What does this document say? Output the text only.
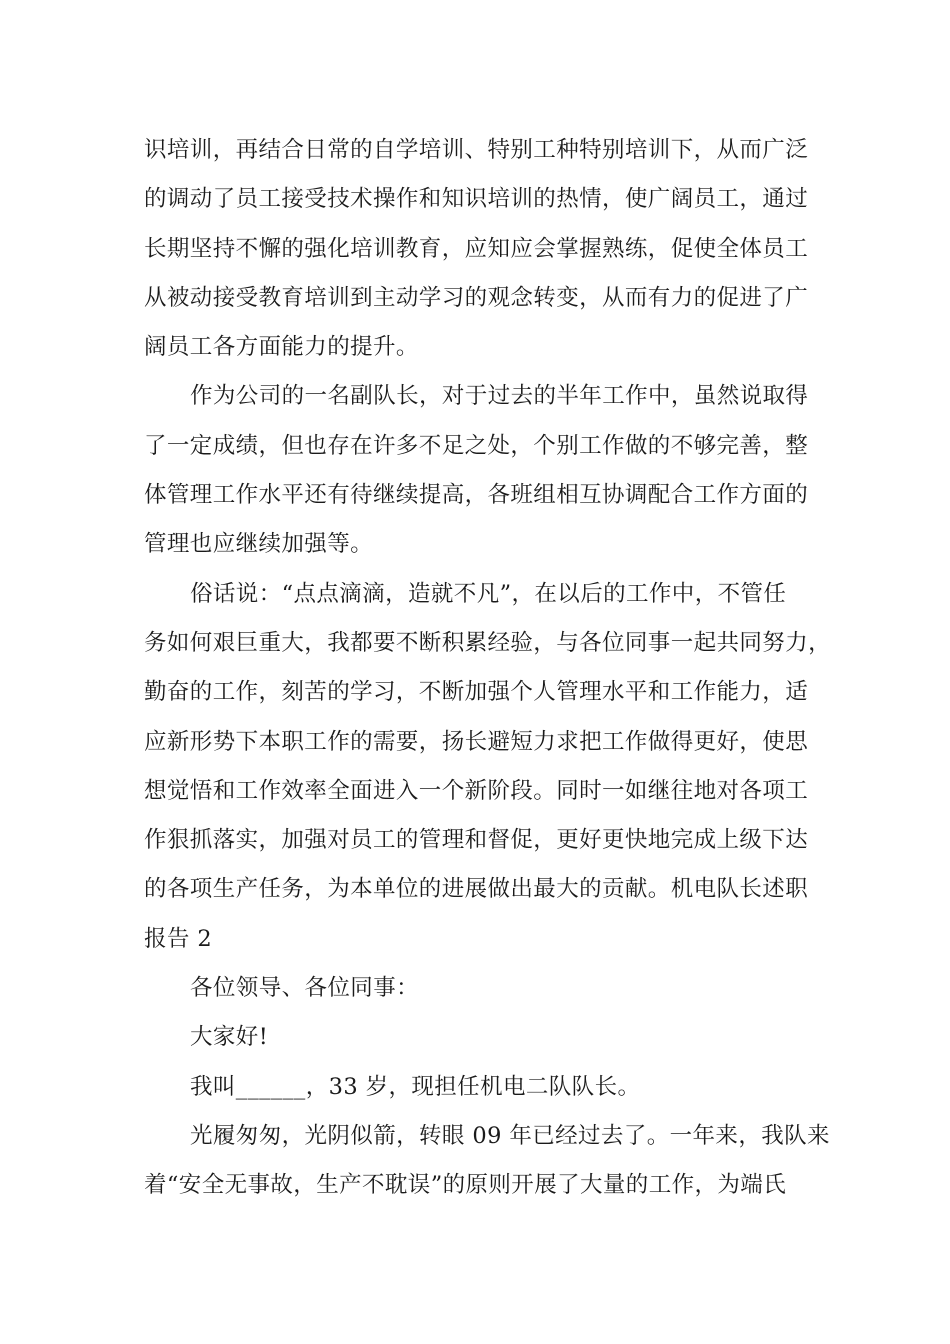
识培训，再结合日常的自学培训、特别工种特别培训下，从而广泛
的调动了员工接受技术操作和知识培训的热情，使广阔员工，通过
长期坚持不懈的强化培训教育，应知应会掌握熟练，促使全体员工
从被动接受教育培训到主动学习的观念转变，从而有力的促进了广
阔员工各方面能力的提升。
作为公司的一名副队长，对于过去的半年工作中，虽然说取得
了一定成绩，但也存在许多不足之处，个别工作做的不够完善，整
体管理工作水平还有待继续提高，各班组相互协调配合工作方面的
管理也应继续加强等。
俗话说：“点点滴滴，造就不凡”，在以后的工作中，不管任
务如何艰巨重大，我都要不断积累经验，与各位同事一起共同努力，
勤奋的工作，刻苦的学习，不断加强个人管理水平和工作能力，适
应新形势下本职工作的需要，扬长避短力求把工作做得更好，使思
想觉悟和工作效率全面进入一个新阶段。同时一如继往地对各项工
作狠抓落实，加强对员工的管理和督促，更好更快地完成上级下达
的各项生产任务，为本单位的进展做出最大的贡献。机电队长述职
报告 2
各位领导、各位同事：
大家好!
我叫______，33 岁，现担任机电二队队长。
光履匆匆，光阴似箭，转眼 09 年已经过去了。一年来，我队来
着“安全无事故，生产不耽误”的原则开展了大量的工作，为端氏
